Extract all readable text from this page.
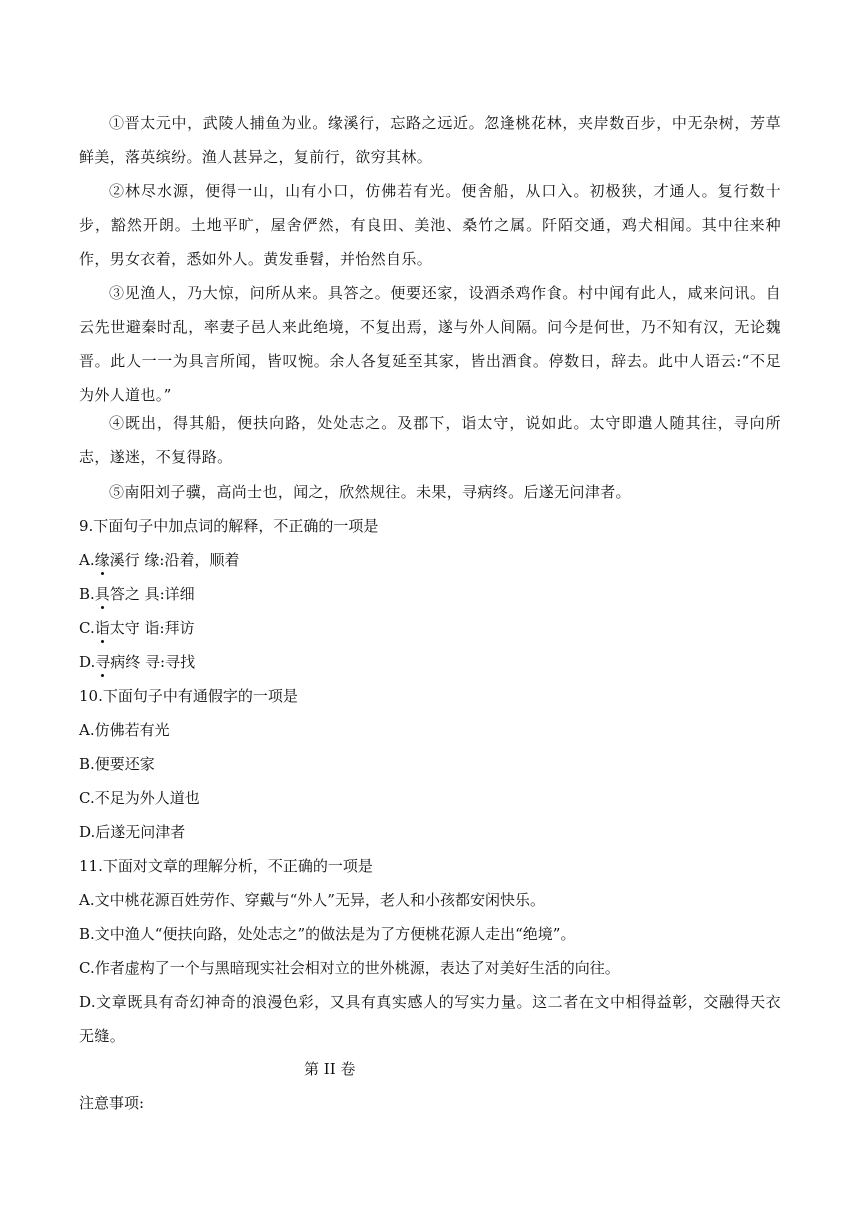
①晋太元中，武陵人捕鱼为业。缘溪行，忘路之远近。忽逢桃花林，夹岸数百步，中无杂树，芳草鲜美，落英缤纷。渔人甚异之，复前行，欲穷其林。

②林尽水源，便得一山，山有小口，仿佛若有光。便舍船，从口入。初极狭，才通人。复行数十步，豁然开朗。土地平旷，屋舍俨然，有良田、美池、桑竹之属。阡陌交通，鸡犬相闻。其中往来种作，男女衣着，悉如外人。黄发垂髫，并怡然自乐。

③见渔人，乃大惊，问所从来。具答之。便要还家，设酒杀鸡作食。村中闻有此人，咸来问讯。自云先世避秦时乱，率妻子邑人来此绝境，不复出焉，遂与外人间隔。问今是何世，乃不知有汉，无论魏晋。此人一一为具言所闻，皆叹惋。余人各复延至其家，皆出酒食。停数日，辞去。此中人语云:“不足为外人道也。”

④既出，得其船，便扶向路，处处志之。及郡下，诣太守，说如此。太守即遣人随其往，寻向所志，遂迷，不复得路。

⑤南阳刘子骥，高尚士也，闻之，欣然规往。未果，寻病终。后遂无问津者。

9.下面句子中加点词的解释，不正确的一项是

A.缘溪行 缘:沿着，顺着

B.具答之 具:详细

C.诣太守 诣:拜访

D.寻病终 寻:寻找

10.下面句子中有通假字的一项是

A.仿佛若有光

B.便要还家

C.不足为外人道也

D.后遂无问津者

11.下面对文章的理解分析，不正确的一项是

A.文中桃花源百姓劳作、穿戴与“外人”无异，老人和小孩都安闲快乐。

B.文中渔人“便扶向路，处处志之”的做法是为了方便桃花源人走出“绝境”。

C.作者虚构了一个与黑暗现实社会相对立的世外桃源，表达了对美好生活的向往。

D.文章既具有奇幻神奇的浪漫色彩，又具有真实感人的写实力量。这二者在文中相得益彰，交融得天衣无缝。

第 II 卷

注意事项:
